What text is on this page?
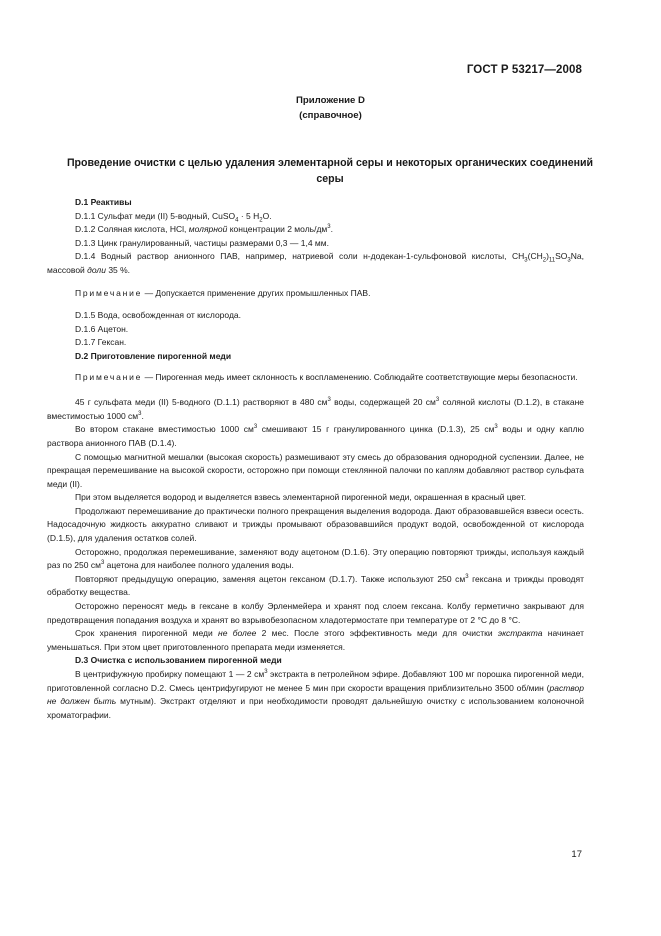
ГОСТ Р 53217—2008
Приложение D
(справочное)
Проведение очистки с целью удаления элементарной серы и некоторых органических соединений серы

D.1 Реактивы

D.1.1 Сульфат меди (II) 5-водный, CuSO$_4$ · 5 $H_2O$.

D.1.2 Соляная кислота, HCl, молярной концентрации 2 моль/$дм^3$.

D.1.3 Цинк гранулированный, частицы размерами 0,3 — 1,4 мм.

D.1.4 Водный раствор анионного ПАВ, например, натриевой соли н-додекан-1-сульфоновой кислоты, $CH_3(CH_2)_{11}SO_3Na$, массовой доли 35 %.

Примечание — Допускается применение других промышленных ПАВ.

D.1.5 Вода, освобожденная от кислорода.

D.1.6 Ацетон.

D.1.7 Гексан.

D.2 Приготовление пирогенной меди

Примечание — Пирогенная медь имеет склонность к воспламенению. Соблюдайте соответствующие меры безопасности.

45 г сульфата меди (II) 5-водного (D.1.1) растворяют в 480 $см^3$ воды, содержащей 20 $см^3$ соляной кислоты (D.1.2), в стакане вместимостью 1000 $см^3$.

Во втором стакане вместимостью 1000 $см^3$ смешивают 15 г гранулированного цинка (D.1.3), 25 $см^3$ воды и одну каплю раствора анионного ПАВ (D.1.4).

С помощью магнитной мешалки (высокая скорость) размешивают эту смесь до образования однородной суспензии. Далее, не прекращая перемешивание на высокой скорости, осторожно при помощи стеклянной палочки по каплям добавляют раствор сульфата меди (II).

При этом выделяется водород и выделяется взвесь элементарной пирогенной меди, окрашенная в красный цвет.

Продолжают перемешивание до практически полного прекращения выделения водорода. Дают образовавшейся взвеси осесть. Надосадочную жидкость аккуратно сливают и трижды промывают образовавшийся продукт водой, освобожденной от кислорода (D.1.5), для удаления остатков солей.

Осторожно, продолжая перемешивание, заменяют воду ацетоном (D.1.6). Эту операцию повторяют трижды, используя каждый раз по 250 $см^3$ ацетона для наиболее полного удаления воды.

Повторяют предыдущую операцию, заменяя ацетон гексаном (D.1.7). Также используют 250 $см^3$ гексана и трижды проводят обработку вещества.

Осторожно переносят медь в гексане в колбу Эрленмейера и хранят под слоем гексана. Колбу герметично закрывают для предотвращения попадания воздуха и хранят во взрывобезопасном хладотермостате при температуре от 2 °С до 8 °С.

Срок хранения пирогенной меди не более 2 мес. После этого эффективность меди для очистки экстракта начинает уменьшаться. При этом цвет приготовленного препарата меди изменяется.

D.3 Очистка с использованием пирогенной меди

В центрифужную пробирку помещают 1 — 2 $см^3$ экстракта в петролейном эфире. Добавляют 100 мг порошка пирогенной меди, приготовленной согласно D.2. Смесь центрифугируют не менее 5 мин при скорости вращения приблизительно 3500 об/мин (раствор не должен быть мутным). Экстракт отделяют и при необходимости проводят дальнейшую очистку с использованием колоночной хроматографии.

17
